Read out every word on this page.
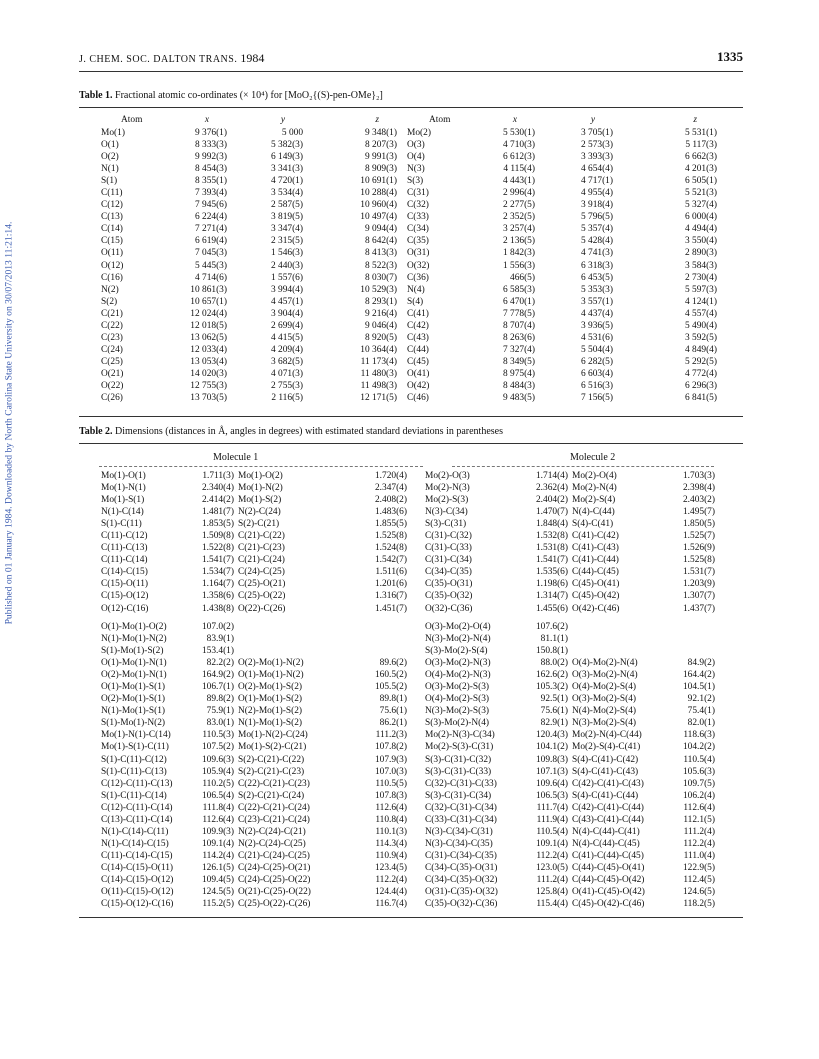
Published on 01 January 1984. Downloaded by North Carolina State University on 30/07/2013 11:21:14.
J. CHEM. SOC. DALTON TRANS. 1984	1335
Table 1. Fractional atomic co-ordinates (× 10⁴) for [MoO₂{(S)-pen-OMe}₂]
Atom	x	y	z	Atom	x	y	z
Mo(1)	9 376(1)	5 000	9 348(1)	Mo(2)	5 530(1)	3 705(1)	5 531(1)
O(1)	8 333(3)	5 382(3)	8 207(3)	O(3)	4 710(3)	2 573(3)	5 117(3)
O(2)	9 992(3)	6 149(3)	9 991(3)	O(4)	6 612(3)	3 393(3)	6 662(3)
N(1)	8 454(3)	3 341(3)	8 909(3)	N(3)	4 115(4)	4 654(4)	4 201(3)
S(1)	8 355(1)	4 720(1)	10 691(1)	S(3)	4 443(1)	4 717(1)	6 505(1)
C(11)	7 393(4)	3 534(4)	10 288(4)	C(31)	2 996(4)	4 955(4)	5 521(3)
C(12)	7 945(6)	2 587(5)	10 960(4)	C(32)	2 277(5)	3 918(4)	5 327(4)
C(13)	6 224(4)	3 819(5)	10 497(4)	C(33)	2 352(5)	5 796(5)	6 000(4)
C(14)	7 271(4)	3 347(4)	9 094(4)	C(34)	3 257(4)	5 357(4)	4 494(4)
C(15)	6 619(4)	2 315(5)	8 642(4)	C(35)	2 136(5)	5 428(4)	3 550(4)
O(11)	7 045(3)	1 546(3)	8 413(3)	O(31)	1 842(3)	4 741(3)	2 890(3)
O(12)	5 445(3)	2 440(3)	8 522(3)	O(32)	1 556(3)	6 318(3)	3 584(3)
C(16)	4 714(6)	1 557(6)	8 030(7)	C(36)	466(5)	6 453(5)	2 730(4)
N(2)	10 861(3)	3 994(4)	10 529(3)	N(4)	6 585(3)	5 353(3)	5 597(3)
S(2)	10 657(1)	4 457(1)	8 293(1)	S(4)	6 470(1)	3 557(1)	4 124(1)
C(21)	12 024(4)	3 904(4)	9 216(4)	C(41)	7 778(5)	4 437(4)	4 557(4)
C(22)	12 018(5)	2 699(4)	9 046(4)	C(42)	8 707(4)	3 936(5)	5 490(4)
C(23)	13 062(5)	4 415(5)	8 920(5)	C(43)	8 263(6)	4 531(6)	3 592(5)
C(24)	12 033(4)	4 209(4)	10 364(4)	C(44)	7 327(4)	5 504(4)	4 849(4)
C(25)	13 053(4)	3 682(5)	11 173(4)	C(45)	8 349(5)	6 282(5)	5 292(5)
O(21)	14 020(3)	4 071(3)	11 480(3)	O(41)	8 975(4)	6 603(4)	4 772(4)
O(22)	12 755(3)	2 755(3)	11 498(3)	O(42)	8 484(3)	6 516(3)	6 296(3)
C(26)	13 703(5)	2 116(5)	12 171(5)	C(46)	9 483(5)	7 156(5)	6 841(5)
Table 2. Dimensions (distances in Å, angles in degrees) with estimated standard deviations in parentheses
Molecule 1	Molecule 2
Mo(1)-O(1)	1.711(3)	Mo(1)-O(2)	1.720(4)	Mo(2)-O(3)	1.714(4)	Mo(2)-O(4)	1.703(3)
Mo(1)-N(1)	2.340(4)	Mo(1)-N(2)	2.347(4)	Mo(2)-N(3)	2.362(4)	Mo(2)-N(4)	2.398(4)
Mo(1)-S(1)	2.414(2)	Mo(1)-S(2)	2.408(2)	Mo(2)-S(3)	2.404(2)	Mo(2)-S(4)	2.403(2)
N(1)-C(14)	1.481(7)	N(2)-C(24)	1.483(6)	N(3)-C(34)	1.470(7)	N(4)-C(44)	1.495(7)
S(1)-C(11)	1.853(5)	S(2)-C(21)	1.855(5)	S(3)-C(31)	1.848(4)	S(4)-C(41)	1.850(5)
C(11)-C(12)	1.509(8)	C(21)-C(22)	1.525(8)	C(31)-C(32)	1.532(8)	C(41)-C(42)	1.525(7)
C(11)-C(13)	1.522(8)	C(21)-C(23)	1.524(8)	C(31)-C(33)	1.531(8)	C(41)-C(43)	1.526(9)
C(11)-C(14)	1.541(7)	C(21)-C(24)	1.542(7)	C(31)-C(34)	1.541(7)	C(41)-C(44)	1.525(8)
C(14)-C(15)	1.534(7)	C(24)-C(25)	1.511(6)	C(34)-C(35)	1.535(6)	C(44)-C(45)	1.531(7)
C(15)-O(11)	1.164(7)	C(25)-O(21)	1.201(6)	C(35)-O(31)	1.198(6)	C(45)-O(41)	1.203(9)
C(15)-O(12)	1.358(6)	C(25)-O(22)	1.316(7)	C(35)-O(32)	1.314(7)	C(45)-O(42)	1.307(7)
O(12)-C(16)	1.438(8)	O(22)-C(26)	1.451(7)	O(32)-C(36)	1.455(6)	O(42)-C(46)	1.437(7)
O(1)-Mo(1)-O(2)	107.0(2)			O(3)-Mo(2)-O(4)	107.6(2)		
N(1)-Mo(1)-N(2)	83.9(1)			N(3)-Mo(2)-N(4)	81.1(1)		
S(1)-Mo(1)-S(2)	153.4(1)			S(3)-Mo(2)-S(4)	150.8(1)		
O(1)-Mo(1)-N(1)	82.2(2)	O(2)-Mo(1)-N(2)	89.6(2)	O(3)-Mo(2)-N(3)	88.0(2)	O(4)-Mo(2)-N(4)	84.9(2)
O(2)-Mo(1)-N(1)	164.9(2)	O(1)-Mo(1)-N(2)	160.5(2)	O(4)-Mo(2)-N(3)	162.6(2)	O(3)-Mo(2)-N(4)	164.4(2)
O(1)-Mo(1)-S(1)	106.7(1)	O(2)-Mo(1)-S(2)	105.5(2)	O(3)-Mo(2)-S(3)	105.3(2)	O(4)-Mo(2)-S(4)	104.5(1)
O(2)-Mo(1)-S(1)	89.8(2)	O(1)-Mo(1)-S(2)	89.8(1)	O(4)-Mo(2)-S(3)	92.5(1)	O(3)-Mo(2)-S(4)	92.1(2)
N(1)-Mo(1)-S(1)	75.9(1)	N(2)-Mo(1)-S(2)	75.6(1)	N(3)-Mo(2)-S(3)	75.6(1)	N(4)-Mo(2)-S(4)	75.4(1)
S(1)-Mo(1)-N(2)	83.0(1)	N(1)-Mo(1)-S(2)	86.2(1)	S(3)-Mo(2)-N(4)	82.9(1)	N(3)-Mo(2)-S(4)	82.0(1)
Mo(1)-N(1)-C(14)	110.5(3)	Mo(1)-N(2)-C(24)	111.2(3)	Mo(2)-N(3)-C(34)	120.4(3)	Mo(2)-N(4)-C(44)	118.6(3)
Mo(1)-S(1)-C(11)	107.5(2)	Mo(1)-S(2)-C(21)	107.8(2)	Mo(2)-S(3)-C(31)	104.1(2)	Mo(2)-S(4)-C(41)	104.2(2)
S(1)-C(11)-C(12)	109.6(3)	S(2)-C(21)-C(22)	107.9(3)	S(3)-C(31)-C(32)	109.8(3)	S(4)-C(41)-C(42)	110.5(4)
S(1)-C(11)-C(13)	105.9(4)	S(2)-C(21)-C(23)	107.0(3)	S(3)-C(31)-C(33)	107.1(3)	S(4)-C(41)-C(43)	105.6(3)
C(12)-C(11)-C(13)	110.2(5)	C(22)-C(21)-C(23)	110.5(5)	C(32)-C(31)-C(33)	109.6(4)	C(42)-C(41)-C(43)	109.7(5)
S(1)-C(11)-C(14)	106.5(4)	S(2)-C(21)-C(24)	107.8(3)	S(3)-C(31)-C(34)	106.5(3)	S(4)-C(41)-C(44)	106.2(4)
C(12)-C(11)-C(14)	111.8(4)	C(22)-C(21)-C(24)	112.6(4)	C(32)-C(31)-C(34)	111.7(4)	C(42)-C(41)-C(44)	112.6(4)
C(13)-C(11)-C(14)	112.6(4)	C(23)-C(21)-C(24)	110.8(4)	C(33)-C(31)-C(34)	111.9(4)	C(43)-C(41)-C(44)	112.1(5)
N(1)-C(14)-C(11)	109.9(3)	N(2)-C(24)-C(21)	110.1(3)	N(3)-C(34)-C(31)	110.5(4)	N(4)-C(44)-C(41)	111.2(4)
N(1)-C(14)-C(15)	109.1(4)	N(2)-C(24)-C(25)	114.3(4)	N(3)-C(34)-C(35)	109.1(4)	N(4)-C(44)-C(45)	112.2(4)
C(11)-C(14)-C(15)	114.2(4)	C(21)-C(24)-C(25)	110.9(4)	C(31)-C(34)-C(35)	112.2(4)	C(41)-C(44)-C(45)	111.0(4)
C(14)-C(15)-O(11)	126.1(5)	C(24)-C(25)-O(21)	123.4(5)	C(34)-C(35)-O(31)	123.0(5)	C(44)-C(45)-O(41)	122.9(5)
C(14)-C(15)-O(12)	109.4(5)	C(24)-C(25)-O(22)	112.2(4)	C(34)-C(35)-O(32)	111.2(4)	C(44)-C(45)-O(42)	112.4(5)
O(11)-C(15)-O(12)	124.5(5)	O(21)-C(25)-O(22)	124.4(4)	O(31)-C(35)-O(32)	125.8(4)	O(41)-C(45)-O(42)	124.6(5)
C(15)-O(12)-C(16)	115.2(5)	C(25)-O(22)-C(26)	116.7(4)	C(35)-O(32)-C(36)	115.4(4)	C(45)-O(42)-C(46)	118.2(5)
